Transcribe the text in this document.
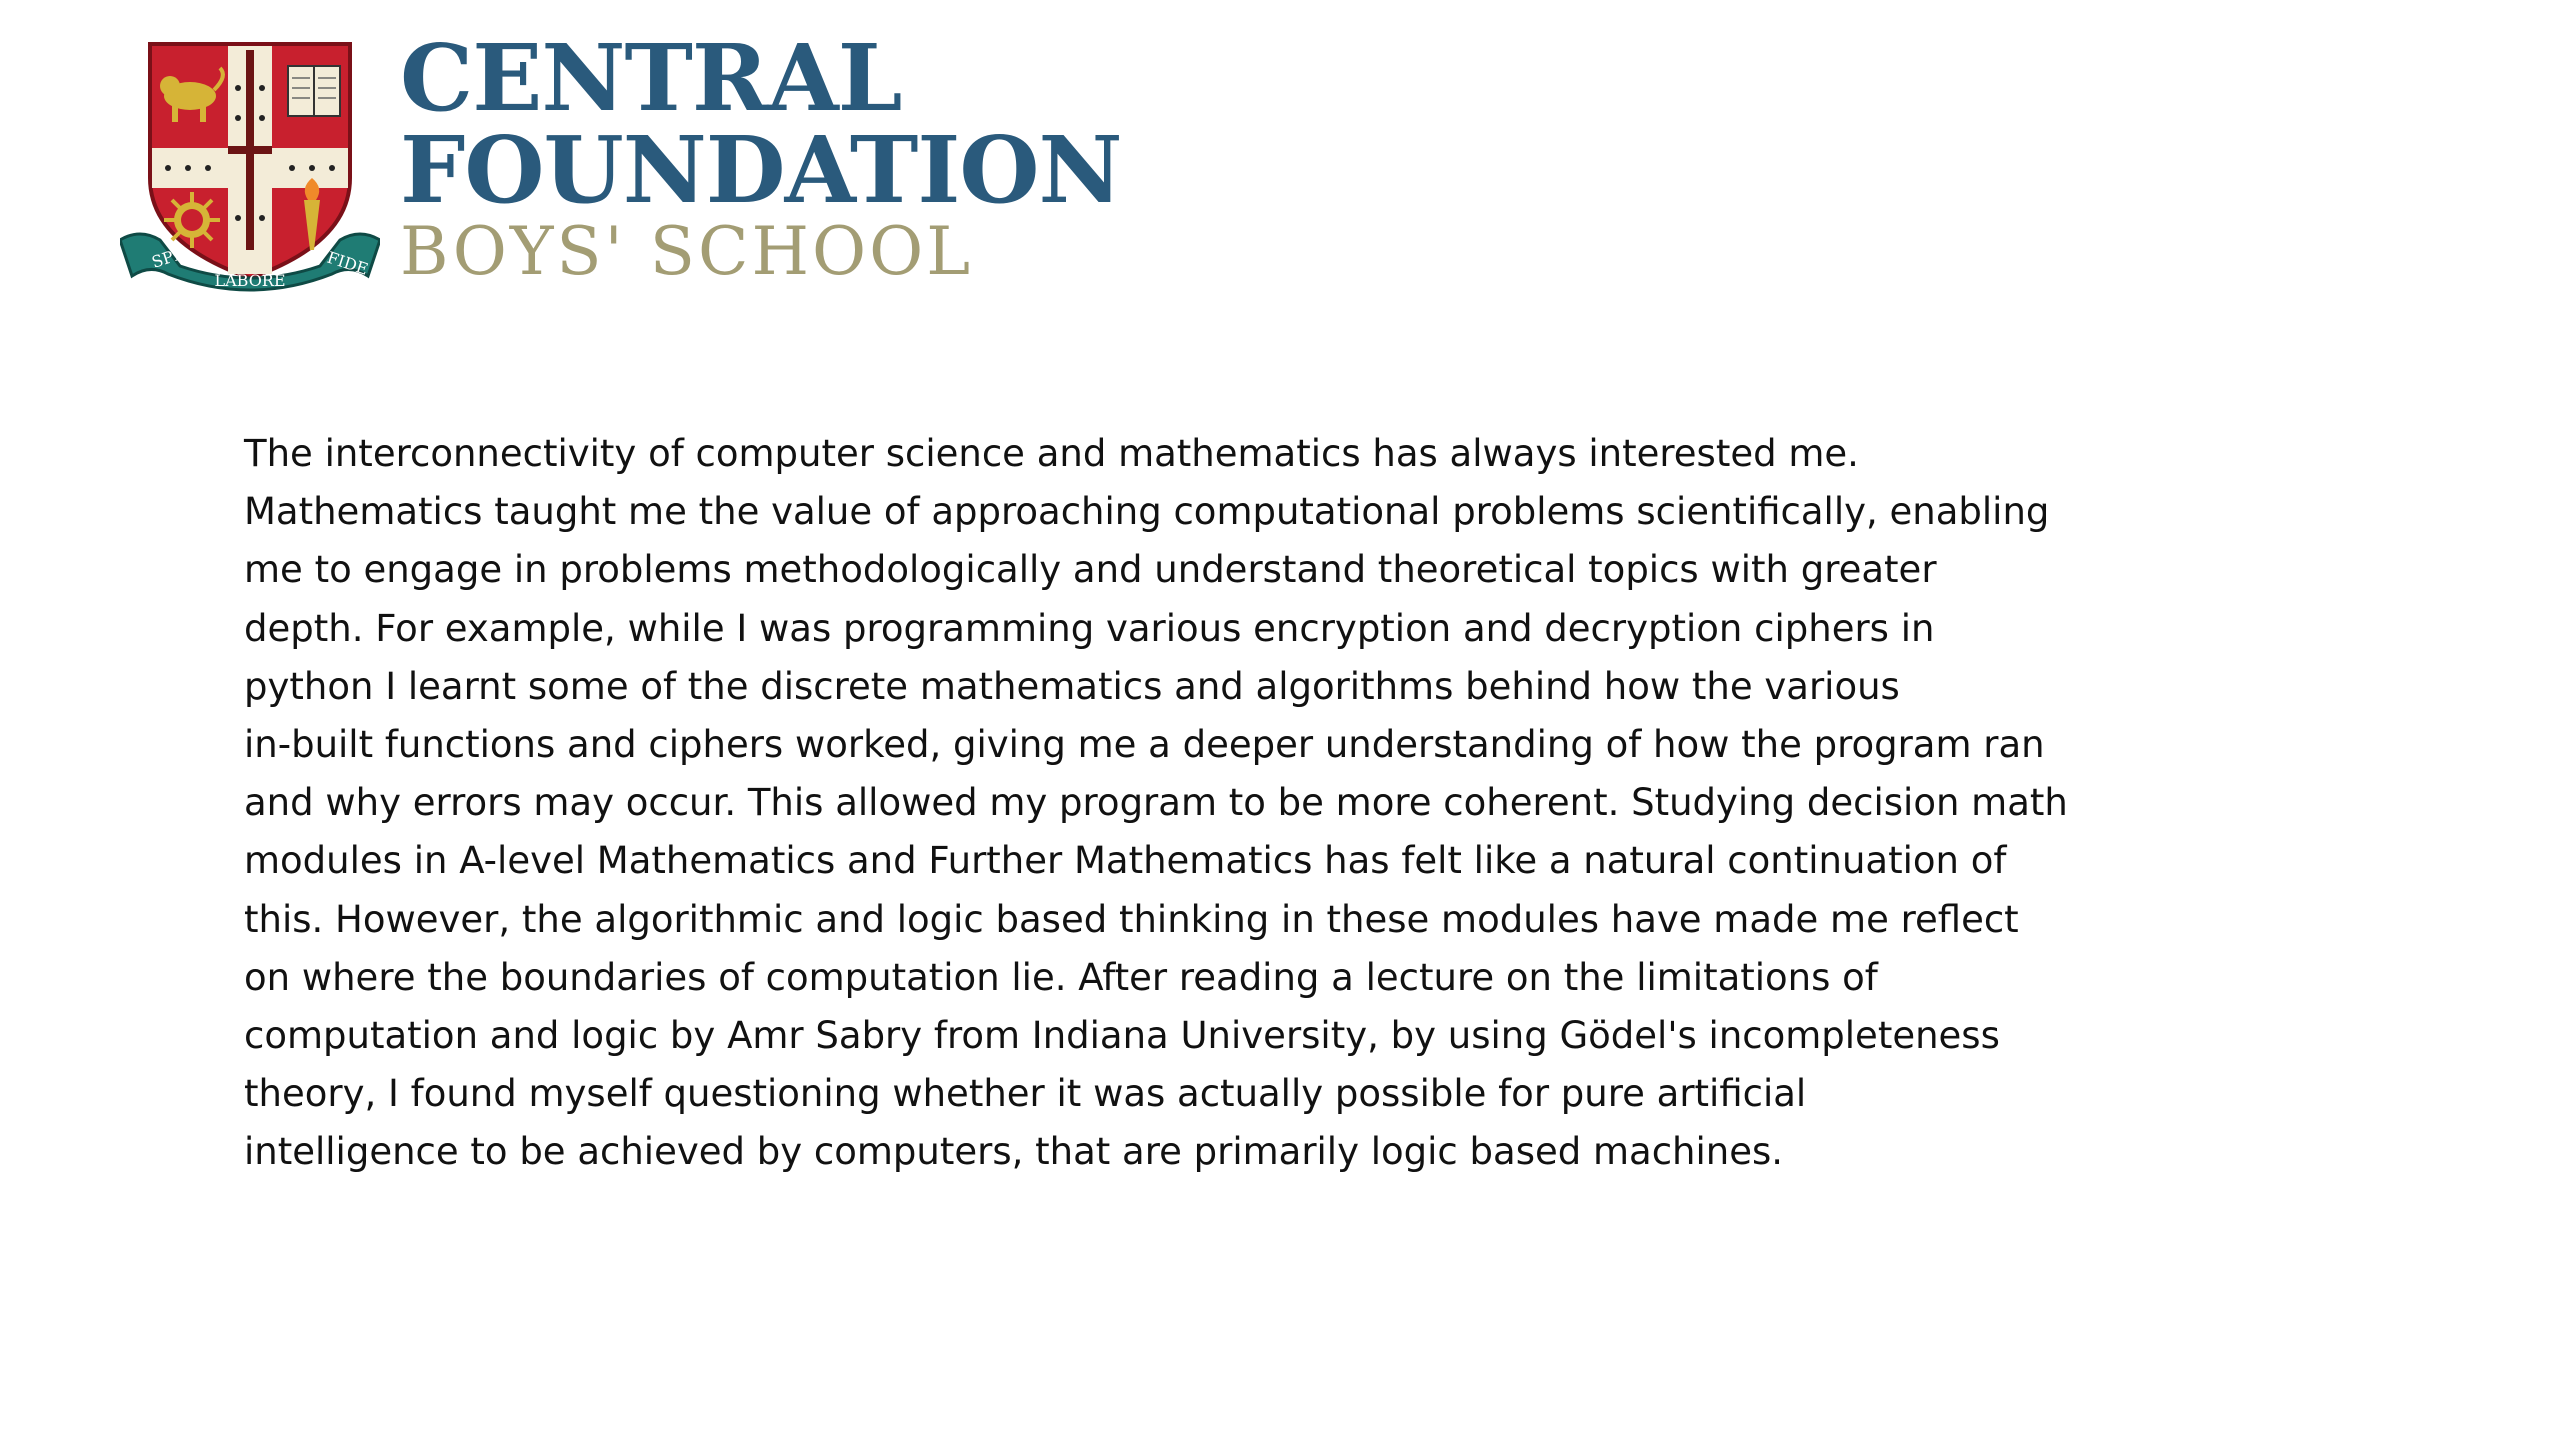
SPE
LABORE
FIDE
CENTRAL
FOUNDATION
BOYS' SCHOOL

The interconnectivity of computer science and mathematics has always interested me.
Mathematics taught me the value of approaching computational problems scientifically, enabling
me to engage in problems methodologically and understand theoretical topics with greater
depth. For example, while I was programming various encryption and decryption ciphers in
python I learnt some of the discrete mathematics and algorithms behind how the various
in-built functions and ciphers worked, giving me a deeper understanding of how the program ran
and why errors may occur. This allowed my program to be more coherent. Studying decision math
modules in A-level Mathematics and Further Mathematics has felt like a natural continuation of
this. However, the algorithmic and logic based thinking in these modules have made me reflect
on where the boundaries of computation lie. After reading a lecture on the limitations of
computation and logic by Amr Sabry from Indiana University, by using Gödel's incompleteness
theory, I found myself questioning whether it was actually possible for pure artificial
intelligence to be achieved by computers, that are primarily logic based machines.
